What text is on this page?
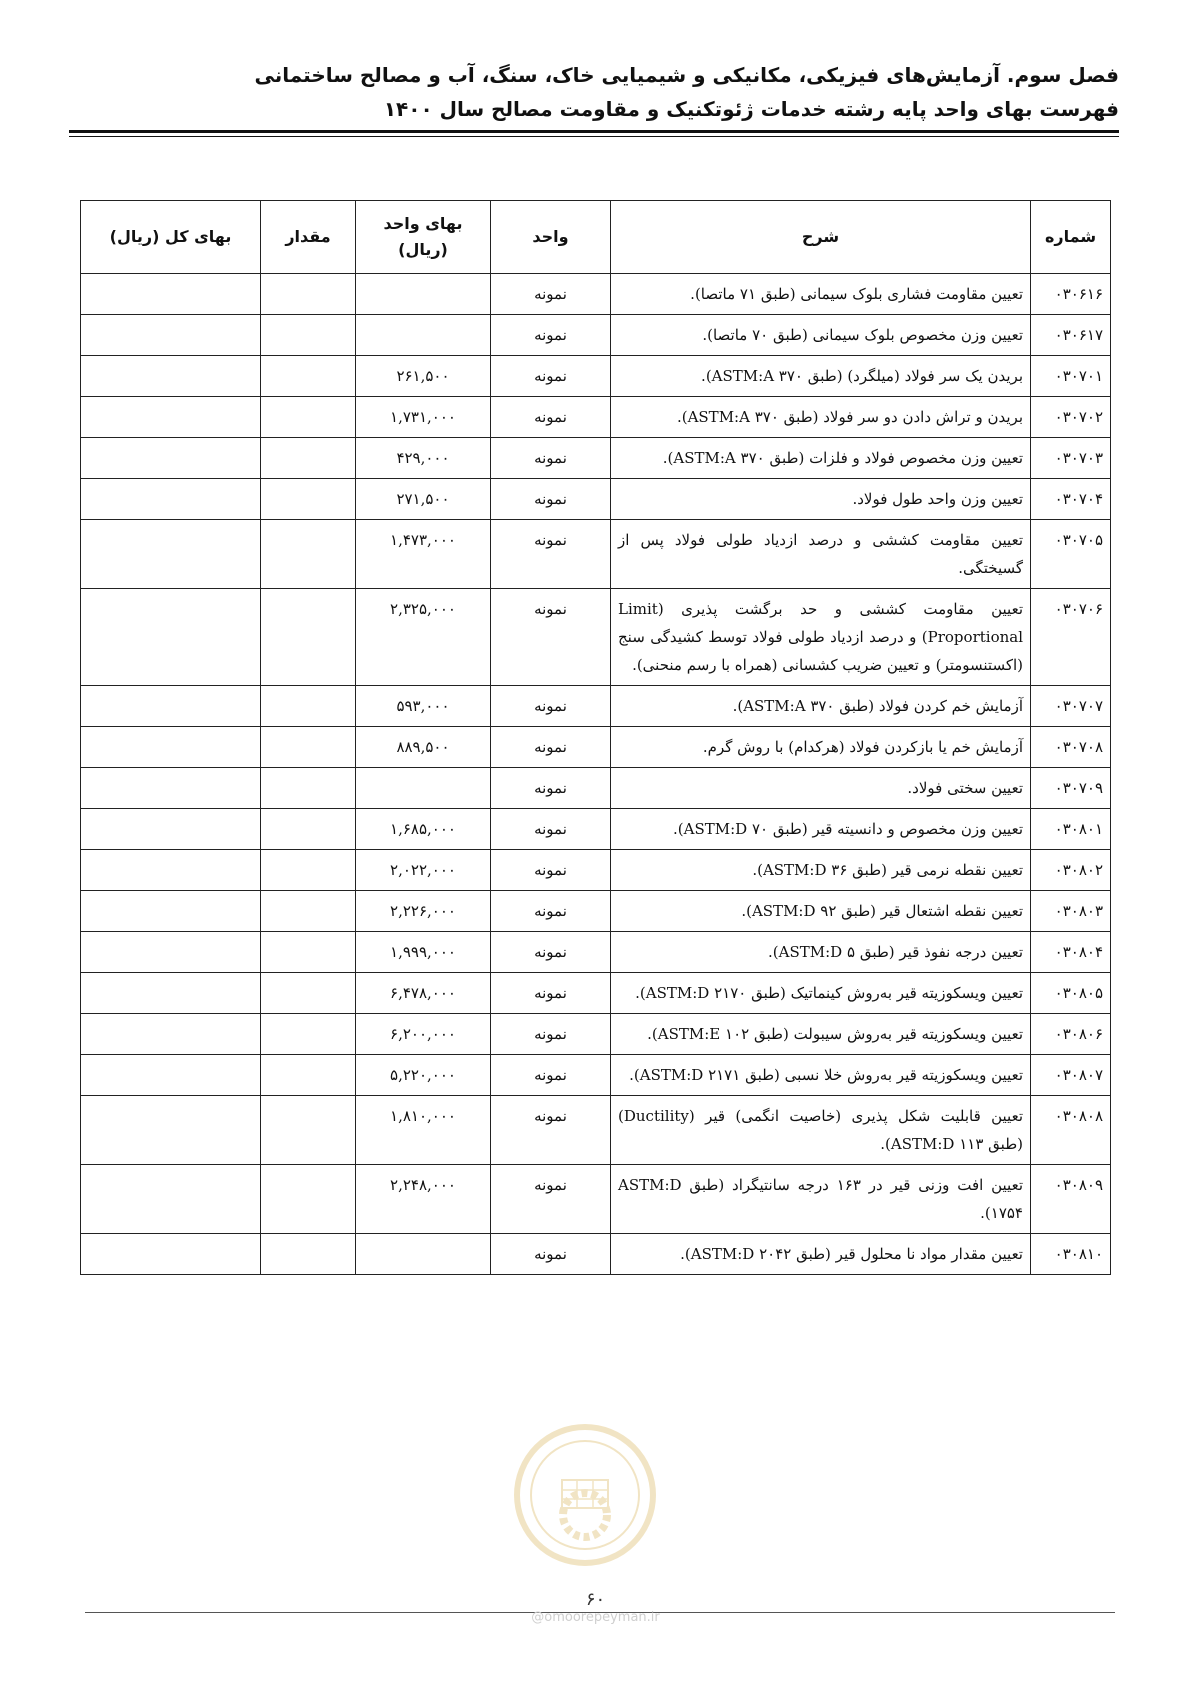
فصل سوم. آزمایش‌های فیزیکی، مکانیکی و شیمیایی خاک، سنگ، آب و مصالح ساختمانی
فهرست بهای واحد پایه رشته خدمات ژئوتکنیک و مقاومت مصالح سال ۱۴۰۰
شماره	شرح	واحد	بهای واحد (ریال)	مقدار	بهای کل (ریال)
۰۳۰۶۱۶	تعیین مقاومت فشاری بلوک سیمانی (طبق ۷۱ ماتصا).	نمونه			
۰۳۰۶۱۷	تعیین وزن مخصوص بلوک سیمانی (طبق ۷۰ ماتصا).	نمونه			
۰۳۰۷۰۱	بریدن یک سر فولاد (میلگرد) (طبق ASTM:A ۳۷۰).	نمونه	۲۶۱,۵۰۰		
۰۳۰۷۰۲	بریدن و تراش دادن دو سر فولاد (طبق ASTM:A ۳۷۰).	نمونه	۱,۷۳۱,۰۰۰		
۰۳۰۷۰۳	تعیین وزن مخصوص فولاد و فلزات (طبق ASTM:A ۳۷۰).	نمونه	۴۲۹,۰۰۰		
۰۳۰۷۰۴	تعیین وزن واحد طول فولاد.	نمونه	۲۷۱,۵۰۰		
۰۳۰۷۰۵	تعیین مقاومت کششی و درصد ازدیاد طولی فولاد پس از گسیختگی.	نمونه	۱,۴۷۳,۰۰۰		
۰۳۰۷۰۶	تعیین مقاومت کششی و حد برگشت پذیری (Limit Proportional) و درصد ازدیاد طولی فولاد توسط کشیدگی سنج (اکستنسومتر) و تعیین ضریب کشسانی (همراه با رسم منحنی).	نمونه	۲,۳۲۵,۰۰۰		
۰۳۰۷۰۷	آزمایش خم کردن فولاد (طبق ASTM:A ۳۷۰).	نمونه	۵۹۳,۰۰۰		
۰۳۰۷۰۸	آزمایش خم یا بازکردن فولاد (هرکدام) با روش گرم.	نمونه	۸۸۹,۵۰۰		
۰۳۰۷۰۹	تعیین سختی فولاد.	نمونه			
۰۳۰۸۰۱	تعیین وزن مخصوص و دانسیته قیر (طبق ASTM:D ۷۰).	نمونه	۱,۶۸۵,۰۰۰		
۰۳۰۸۰۲	تعیین نقطه نرمی قیر (طبق ASTM:D ۳۶).	نمونه	۲,۰۲۲,۰۰۰		
۰۳۰۸۰۳	تعیین نقطه اشتعال قیر (طبق ASTM:D ۹۲).	نمونه	۲,۲۲۶,۰۰۰		
۰۳۰۸۰۴	تعیین درجه نفوذ قیر (طبق ASTM:D ۵).	نمونه	۱,۹۹۹,۰۰۰		
۰۳۰۸۰۵	تعیین ویسکوزیته قیر به‌روش کینماتیک (طبق ASTM:D ۲۱۷۰).	نمونه	۶,۴۷۸,۰۰۰		
۰۳۰۸۰۶	تعیین ویسکوزیته قیر به‌روش سیبولت (طبق ASTM:E ۱۰۲).	نمونه	۶,۲۰۰,۰۰۰		
۰۳۰۸۰۷	تعیین ویسکوزیته قیر به‌روش خلا نسبی (طبق ASTM:D ۲۱۷۱).	نمونه	۵,۲۲۰,۰۰۰		
۰۳۰۸۰۸	تعیین قابلیت شکل پذیری (خاصیت انگمی) قیر (Ductility) (طبق ASTM:D ۱۱۳).	نمونه	۱,۸۱۰,۰۰۰		
۰۳۰۸۰۹	تعیین افت وزنی قیر در ۱۶۳ درجه سانتیگراد (طبق ASTM:D ۱۷۵۴).	نمونه	۲,۲۴۸,۰۰۰		
۰۳۰۸۱۰	تعیین مقدار مواد نا محلول قیر (طبق ASTM:D ۲۰۴۲).	نمونه			
۶۰
@omoorepeyman.ir
